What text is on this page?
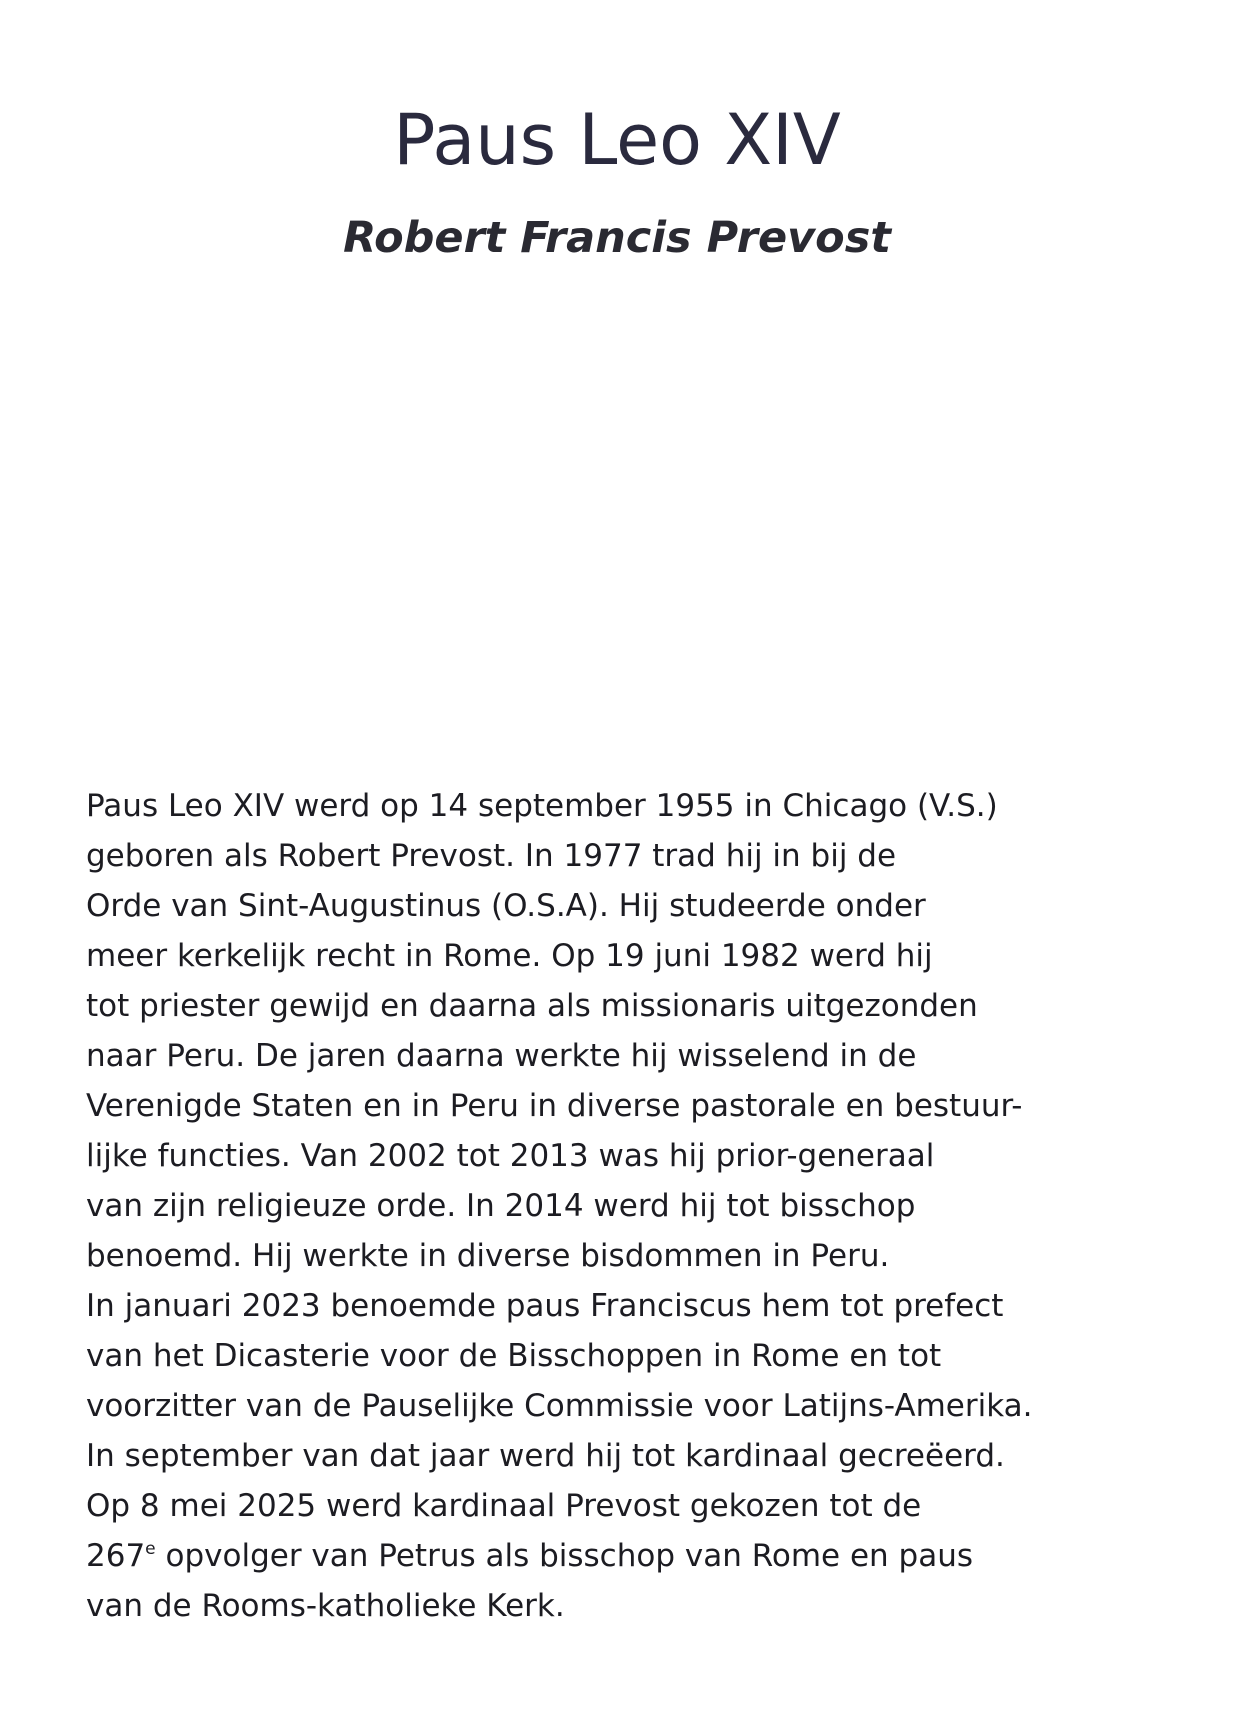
Paus Leo XIV
Robert Francis Prevost
Paus Leo XIV werd op 14 september 1955 in Chicago (V.S.)
geboren als Robert Prevost. In 1977 trad hij in bij de
Orde van Sint-Augustinus (O.S.A). Hij studeerde onder
meer kerkelijk recht in Rome. Op 19 juni 1982 werd hij
tot priester gewijd en daarna als missionaris uitgezonden
naar Peru. De jaren daarna werkte hij wisselend in de
Verenigde Staten en in Peru in diverse pastorale en bestuur-
lijke functies. Van 2002 tot 2013 was hij prior-generaal
van zijn religieuze orde. In 2014 werd hij tot bisschop
benoemd. Hij werkte in diverse bisdommen in Peru.
In januari 2023 benoemde paus Franciscus hem tot prefect
van het Dicasterie voor de Bisschoppen in Rome en tot
voorzitter van de Pauselijke Commissie voor Latijns-Amerika.
In september van dat jaar werd hij tot kardinaal gecreëerd.
Op 8 mei 2025 werd kardinaal Prevost gekozen tot de
267e opvolger van Petrus als bisschop van Rome en paus
van de Rooms-katholieke Kerk.
